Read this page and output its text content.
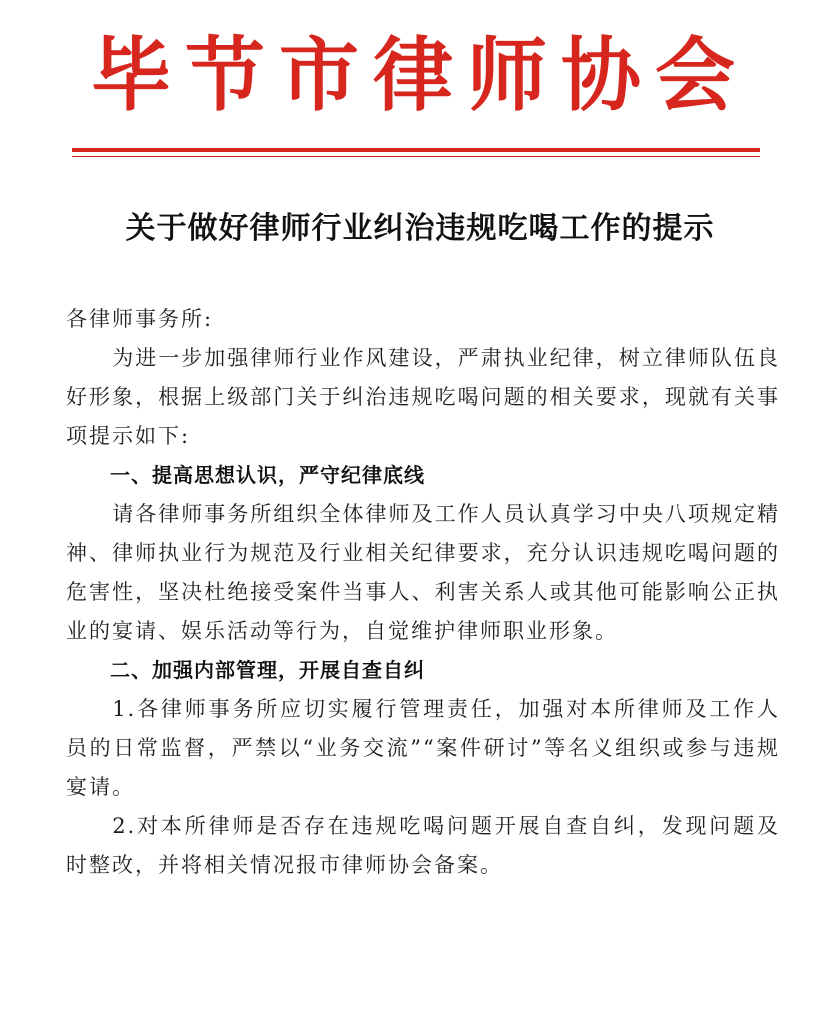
毕节市律师协会
关于做好律师行业纠治违规吃喝工作的提示

各律师事务所:

为进一步加强律师行业作风建设，严肃执业纪律，树立律师队伍良好形象，根据上级部门关于纠治违规吃喝问题的相关要求，现就有关事项提示如下:

一、提高思想认识，严守纪律底线

请各律师事务所组织全体律师及工作人员认真学习中央八项规定精神、律师执业行为规范及行业相关纪律要求，充分认识违规吃喝问题的危害性，坚决杜绝接受案件当事人、利害关系人或其他可能影响公正执业的宴请、娱乐活动等行为，自觉维护律师职业形象。

二、加强内部管理，开展自查自纠

1.各律师事务所应切实履行管理责任，加强对本所律师及工作人员的日常监督，严禁以“业务交流”“案件研讨”等名义组织或参与违规宴请。

2.对本所律师是否存在违规吃喝问题开展自查自纠，发现问题及时整改，并将相关情况报市律师协会备案。
